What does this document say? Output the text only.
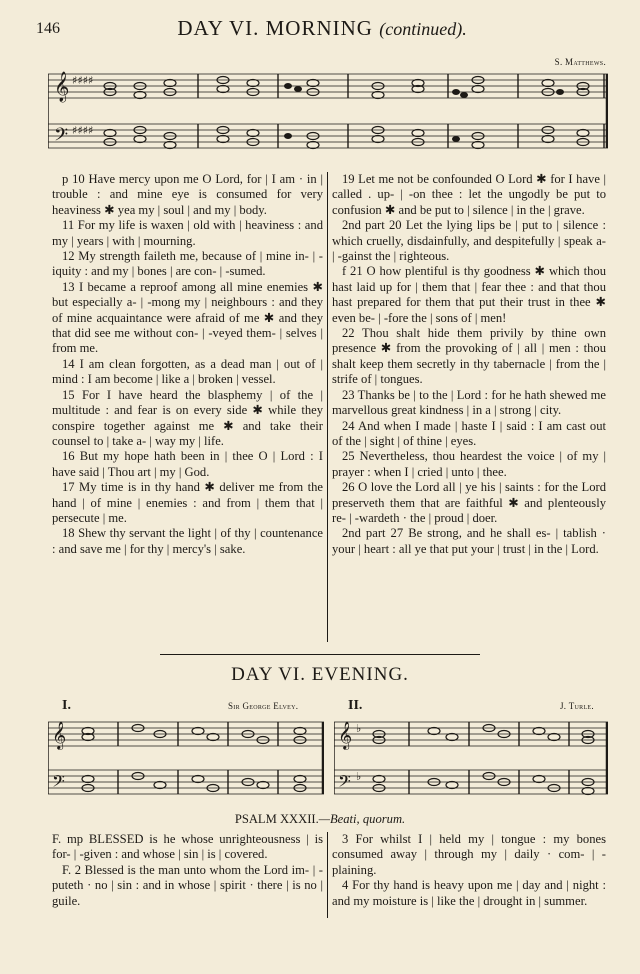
146	DAY VI. MORNING (continued).
S. Matthews.
𝄞
𝄢
♯♯♯♯
♯♯♯♯

p 10 Have mercy upon me O Lord, for | I am · in | trouble : and mine eye is consumed for very heaviness ✱ yea my | soul | and my | body.

11 For my life is waxen | old with | heaviness : and my | years | with | mourning.

12 My strength faileth me, because of | mine in- | -iquity : and my | bones | are con- | -sumed.

13 I became a reproof among all mine enemies ✱ but especially a- | -mong my | neighbours : and they of mine acquaintance were afraid of me ✱ and they that did see me without con- | -veyed them- | selves | from me.

14 I am clean forgotten, as a dead man | out of | mind : I am become | like a | broken | vessel.

15 For I have heard the blasphemy | of the | multitude : and fear is on every side ✱ while they conspire together against me ✱ and take their counsel to | take a- | way my | life.

16 But my hope hath been in | thee O | Lord : I have said | Thou art | my | God.

17 My time is in thy hand ✱ deliver me from the hand | of mine | enemies : and from | them that | persecute | me.

18 Shew thy servant the light | of thy | countenance : and save me | for thy | mercy's | sake.

19 Let me not be confounded O Lord ✱ for I have | called . up- | -on thee : let the ungodly be put to confusion ✱ and be put to | silence | in the | grave.

2nd part 20 Let the lying lips be | put to | silence : which cruelly, disdainfully, and despitefully | speak a- | -gainst the | righteous.

f 21 O how plentiful is thy goodness ✱ which thou hast laid up for | them that | fear thee : and that thou hast prepared for them that put their trust in thee ✱ even be- | -fore the | sons of | men!

22 Thou shalt hide them privily by thine own presence ✱ from the provoking of | all | men : thou shalt keep them secretly in thy tabernacle | from the | strife of | tongues.

23 Thanks be | to the | Lord : for he hath shewed me marvellous great kindness | in a | strong | city.

24 And when I made | haste I | said : I am cast out of the | sight | of thine | eyes.

25 Nevertheless, thou heardest the voice | of my | prayer : when I | cried | unto | thee.

26 O love the Lord all | ye his | saints : for the Lord preserveth them that are faithful ✱ and plenteously re- | -wardeth · the | proud | doer.

2nd part 27 Be strong, and he shall es- | tablish · your | heart : all ye that put your | trust | in the | Lord.

DAY VI. EVENING.
I.	Sir George Elvey.	II.	J. Turle.
𝄞
𝄢
𝄞
𝄢
♭
♭
PSALM XXXII.—Beati, quorum.

F. mp BLESSED is he whose unrighteousness | is for- | -given : and whose | sin | is | covered.

F. 2 Blessed is the man unto whom the Lord im- | -puteth · no | sin : and in whose | spirit · there | is no | guile.

3 For whilst I | held my | tongue : my bones consumed away | through my | daily · com- | -plaining.

4 For thy hand is heavy upon me | day and | night : and my moisture is | like the | drought in | summer.
